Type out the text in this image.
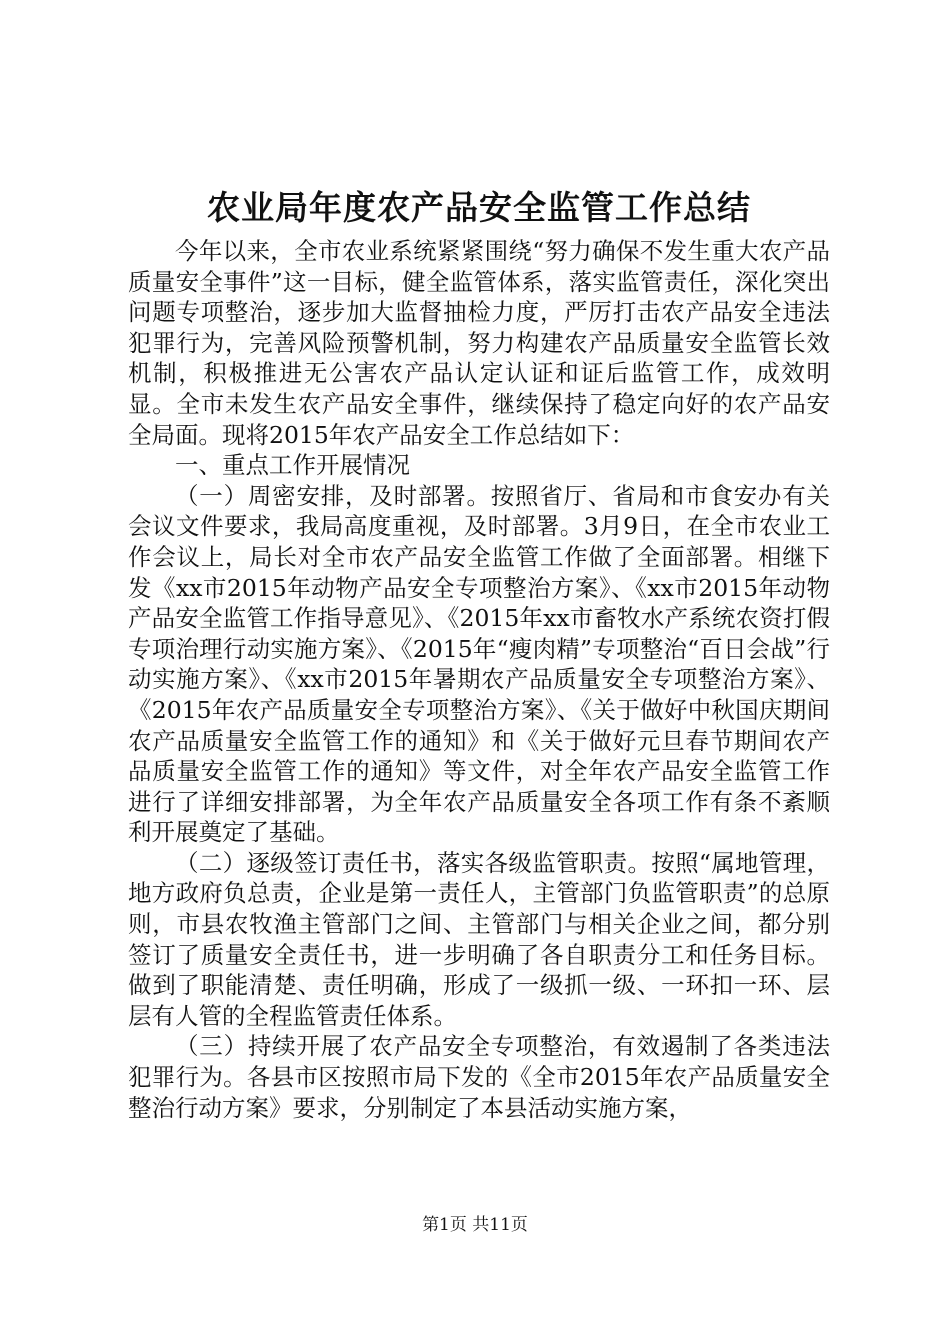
农业局年度农产品安全监管工作总结

今年以来，全市农业系统紧紧围绕“努力确保不发生重大农产品质量安全事件”这一目标，健全监管体系，落实监管责任，深化突出问题专项整治，逐步加大监督抽检力度，严厉打击农产品安全违法犯罪行为，完善风险预警机制，努力构建农产品质量安全监管长效机制，积极推进无公害农产品认定认证和证后监管工作，成效明显。全市未发生农产品安全事件，继续保持了稳定向好的农产品安全局面。现将2015年农产品安全工作总结如下：

一、重点工作开展情况

（一）周密安排，及时部署。按照省厅、省局和市食安办有关会议文件要求，我局高度重视，及时部署。3月9日，在全市农业工作会议上，局长对全市农产品安全监管工作做了全面部署。相继下发《xx市2015年动物产品安全专项整治方案》、《xx市2015年动物产品安全监管工作指导意见》、《2015年xx市畜牧水产系统农资打假专项治理行动实施方案》、《2015年“瘦肉精”专项整治“百日会战”行动实施方案》、《xx市2015年暑期农产品质量安全专项整治方案》、《2015年农产品质量安全专项整治方案》、《关于做好中秋国庆期间农产品质量安全监管工作的通知》和《关于做好元旦春节期间农产品质量安全监管工作的通知》等文件，对全年农产品安全监管工作进行了详细安排部署，为全年农产品质量安全各项工作有条不紊顺利开展奠定了基础。

（二）逐级签订责任书，落实各级监管职责。按照“属地管理，地方政府负总责，企业是第一责任人，主管部门负监管职责”的总原则，市县农牧渔主管部门之间、主管部门与相关企业之间，都分别签订了质量安全责任书，进一步明确了各自职责分工和任务目标。做到了职能清楚、责任明确，形成了一级抓一级、一环扣一环、层层有人管的全程监管责任体系。

（三）持续开展了农产品安全专项整治，有效遏制了各类违法犯罪行为。各县市区按照市局下发的《全市2015年农产品质量安全整治行动方案》要求，分别制定了本县活动实施方案，

第1页 共11页
